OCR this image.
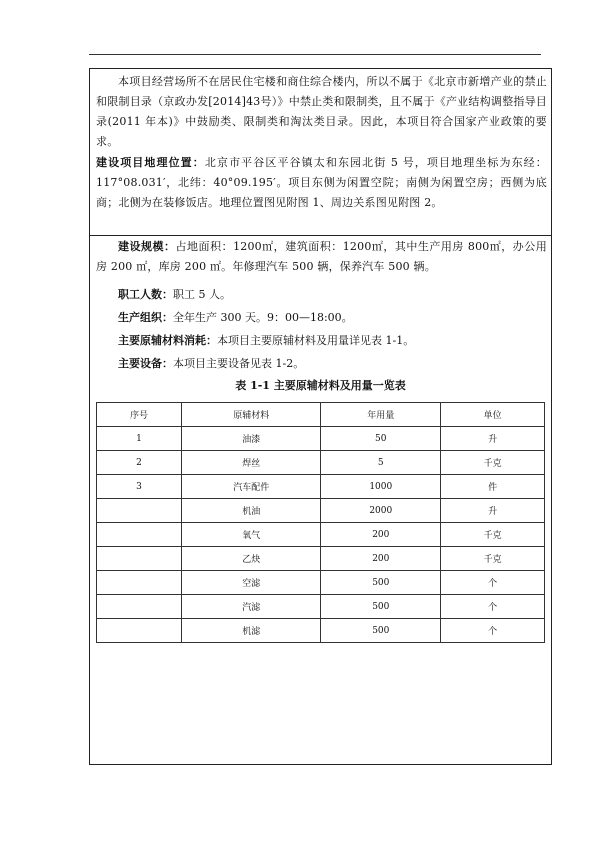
本项目经营场所不在居民住宅楼和商住综合楼内，所以不属于《北京市新增产业的禁止和限制目录（京政办发[2014]43号）》中禁止类和限制类，且不属于《产业结构调整指导目录(2011 年本)》中鼓励类、限制类和淘汰类目录。因此，本项目符合国家产业政策的要求。

建设项目地理位置：北京市平谷区平谷镇太和东园北街 5 号，项目地理坐标为东经：117°08.031′，北纬：40°09.195′。项目东侧为闲置空院；南侧为闲置空房；西侧为底商；北侧为在装修饭店。地理位置图见附图 1、周边关系图见附图 2。

建设规模：占地面积：1200㎡，建筑面积：1200㎡，其中生产用房 800㎡，办公用房 200 ㎡，库房 200 ㎡。年修理汽车 500 辆，保养汽车 500 辆。

职工人数：职工 5 人。

生产组织：全年生产 300 天。9：00—18:00。

主要原辅材料消耗：本项目主要原辅材料及用量详见表 1-1。

主要设备：本项目主要设备见表 1-2。

表 1-1 主要原辅材料及用量一览表
序号	原辅材料	年用量	单位
1	油漆	50	升
2	焊丝	5	千克
3	汽车配件	1000	件
	机油	2000	升
	氧气	200	千克
	乙炔	200	千克
	空滤	500	个
	汽滤	500	个
	机滤	500	个
